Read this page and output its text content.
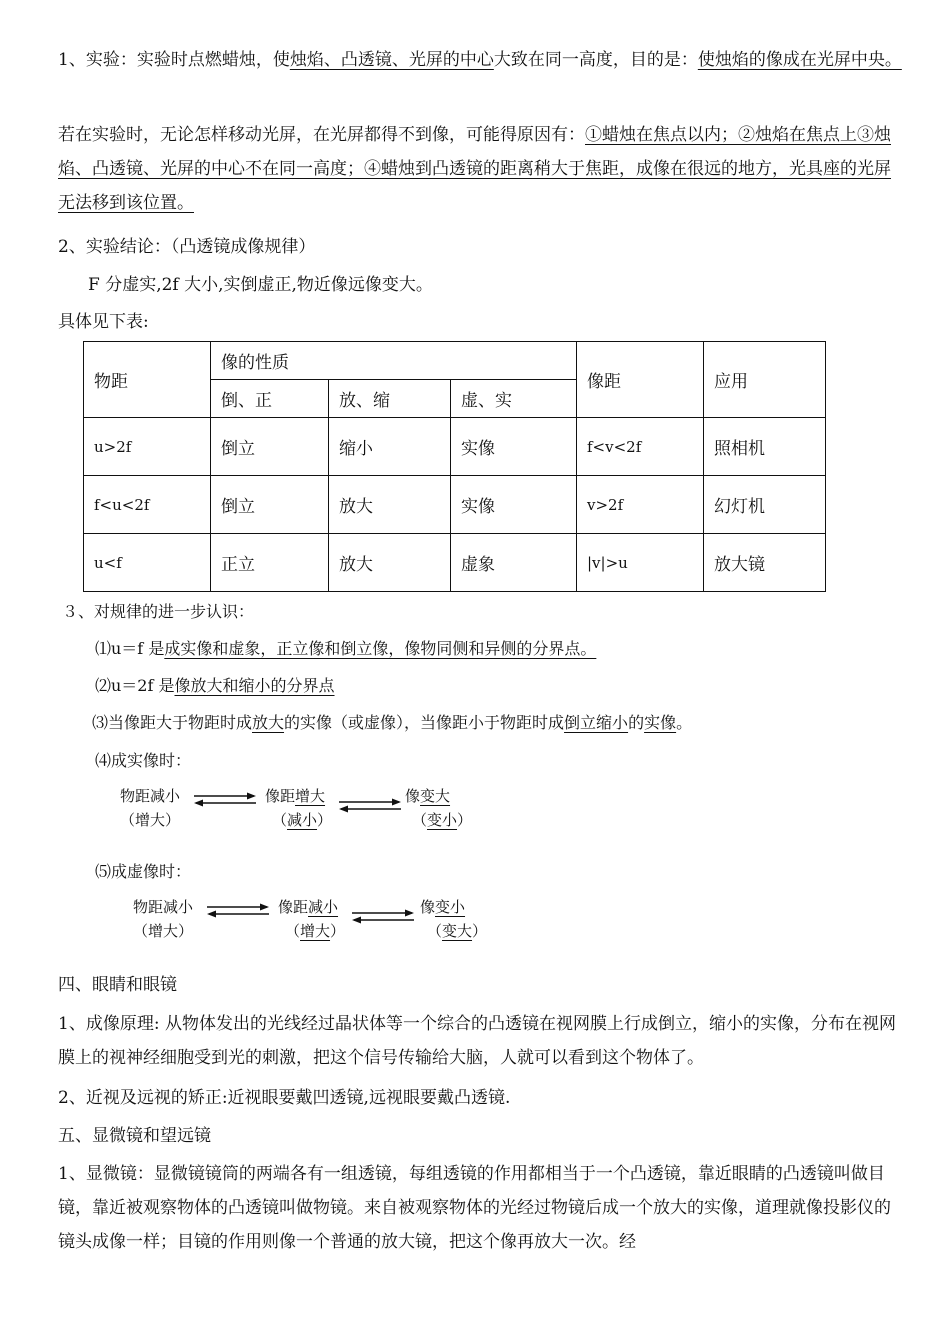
1、实验：实验时点燃蜡烛，使烛焰、凸透镜、光屏的中心大致在同一高度，目的是：使烛焰的像成在光屏中央。
若在实验时，无论怎样移动光屏，在光屏都得不到像，可能得原因有：①蜡烛在焦点以内；②烛焰在焦点上③烛焰、凸透镜、光屏的中心不在同一高度；④蜡烛到凸透镜的距离稍大于焦距，成像在很远的地方，光具座的光屏无法移到该位置。
2、实验结论：（凸透镜成像规律）
F 分虚实,2f 大小,实倒虚正,物近像远像变大。
具体见下表:
物距	像的性质			像距	应用
	倒、正	放、缩	虚、实		
u>2f	倒立	缩小	实像	f<v<2f	照相机
f<u<2f	倒立	放大	实像	v>2f	幻灯机
u<f	正立	放大	虚象	|v|>u	放大镜
３、对规律的进一步认识：
⑴u＝f 是成实像和虚象，正立像和倒立像，像物同侧和异侧的分界点。
⑵u＝2f 是像放大和缩小的分界点
⑶当像距大于物距时成放大的实像（或虚像），当像距小于物距时成倒立缩小的实像。
⑷成实像时：
物距减小
（增大）
像距增大
（减小）
像变大
（变小）
⑸成虚像时：
物距减小
（增大）
像距减小
（增大）
像变小
（变大）
四、眼睛和眼镜
1、成像原理: 从物体发出的光线经过晶状体等一个综合的凸透镜在视网膜上行成倒立，缩小的实像，分布在视网膜上的视神经细胞受到光的刺激，把这个信号传输给大脑，人就可以看到这个物体了。
2、近视及远视的矫正:近视眼要戴凹透镜,远视眼要戴凸透镜.
五、显微镜和望远镜
1、显微镜：显微镜镜筒的两端各有一组透镜，每组透镜的作用都相当于一个凸透镜，靠近眼睛的凸透镜叫做目镜，靠近被观察物体的凸透镜叫做物镜。来自被观察物体的光经过物镜后成一个放大的实像，道理就像投影仪的镜头成像一样；目镜的作用则像一个普通的放大镜，把这个像再放大一次。经
